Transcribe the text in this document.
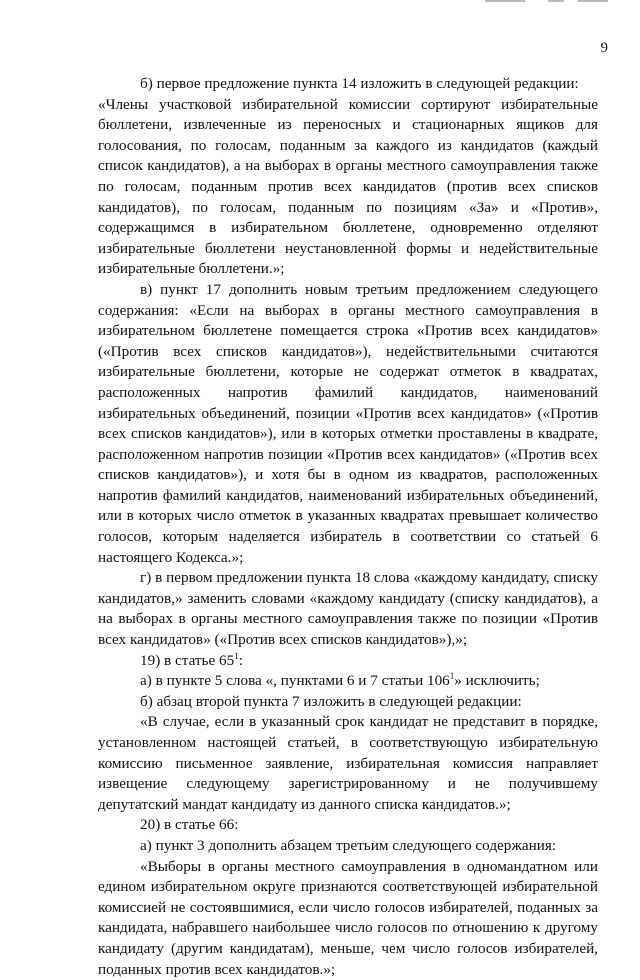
9

б) первое предложение пункта 14 изложить в следующей редакции:

«Члены участковой избирательной комиссии сортируют избирательные бюллетени, извлеченные из переносных и стационарных ящиков для голосования, по голосам, поданным за каждого из кандидатов (каждый список кандидатов), а на выборах в органы местного самоуправления также по голосам, поданным против всех кандидатов (против всех списков кандидатов), по голосам, поданным по позициям «За» и «Против», содержащимся в избирательном бюллетене, одновременно отделяют избирательные бюллетени неустановленной формы и недействительные избирательные бюллетени.»;

в) пункт 17 дополнить новым третьим предложением следующего содержания: «Если на выборах в органы местного самоуправления в избирательном бюллетене помещается строка «Против всех кандидатов» («Против всех списков кандидатов»), недействительными считаются избирательные бюллетени, которые не содержат отметок в квадратах, расположенных напротив фамилий кандидатов, наименований избирательных объединений, позиции «Против всех кандидатов» («Против всех списков кандидатов»), или в которых отметки проставлены в квадрате, расположенном напротив позиции «Против всех кандидатов» («Против всех списков кандидатов»), и хотя бы в одном из квадратов, расположенных напротив фамилий кандидатов, наименований избирательных объединений, или в которых число отметок в указанных квадратах превышает количество голосов, которым наделяется избиратель в соответствии со статьей 6 настоящего Кодекса.»;

г) в первом предложении пункта 18 слова «каждому кандидату, списку кандидатов,» заменить словами «каждому кандидату (списку кандидатов), а на выборах в органы местного самоуправления также по позиции «Против всех кандидатов» («Против всех списков кандидатов»),»;

19) в статье $65^1$:

а) в пункте 5 слова «, пунктами 6 и 7 статьи $106^1$» исключить;

б) абзац второй пункта 7 изложить в следующей редакции:

«В случае, если в указанный срок кандидат не представит в порядке, установленном настоящей статьей, в соответствующую избирательную комиссию письменное заявление, избирательная комиссия направляет извещение следующему зарегистрированному и не получившему депутатский мандат кандидату из данного списка кандидатов.»;

20) в статье 66:

а) пункт 3 дополнить абзацем третьим следующего содержания:

«Выборы в органы местного самоуправления в одномандатном или едином избирательном округе признаются соответствующей избирательной комиссией не состоявшимися, если число голосов избирателей, поданных за кандидата, набравшего наибольшее число голосов по отношению к другому кандидату (другим кандидатам), меньше, чем число голосов избирателей, поданных против всех кандидатов.»;
